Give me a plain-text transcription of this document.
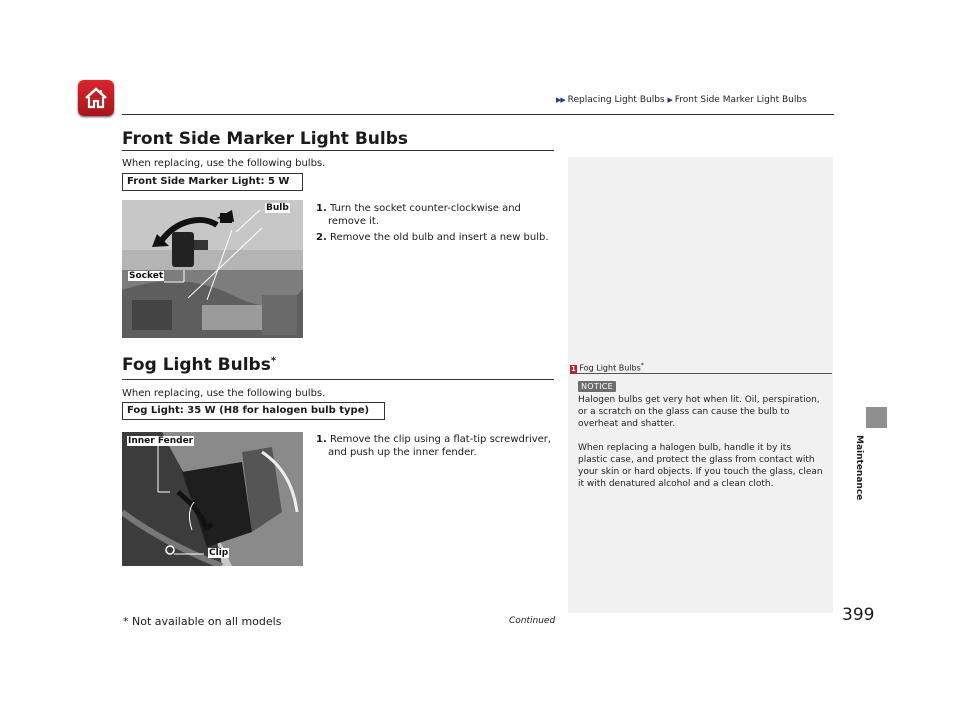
▶▶ Replacing Light Bulbs ▶ Front Side Marker Light Bulbs
Front Side Marker Light Bulbs
When replacing, use the following bulbs.
Front Side Marker Light: 5 W
Bulb
Socket
1. Turn the socket counter-clockwise and
remove it.
2. Remove the old bulb and insert a new bulb.
Fog Light Bulbs*
When replacing, use the following bulbs.
Fog Light: 35 W (H8 for halogen bulb type)
Inner Fender
Clip
1. Remove the clip using a flat-tip screwdriver,
and push up the inner fender.
1 Fog Light Bulbs*
NOTICE
Halogen bulbs get very hot when lit. Oil, perspiration,
or a scratch on the glass can cause the bulb to
overheat and shatter.
When replacing a halogen bulb, handle it by its
plastic case, and protect the glass from contact with
your skin or hard objects. If you touch the glass, clean
it with denatured alcohol and a clean cloth.	Maintenance
* Not available on all models	Continued	399
